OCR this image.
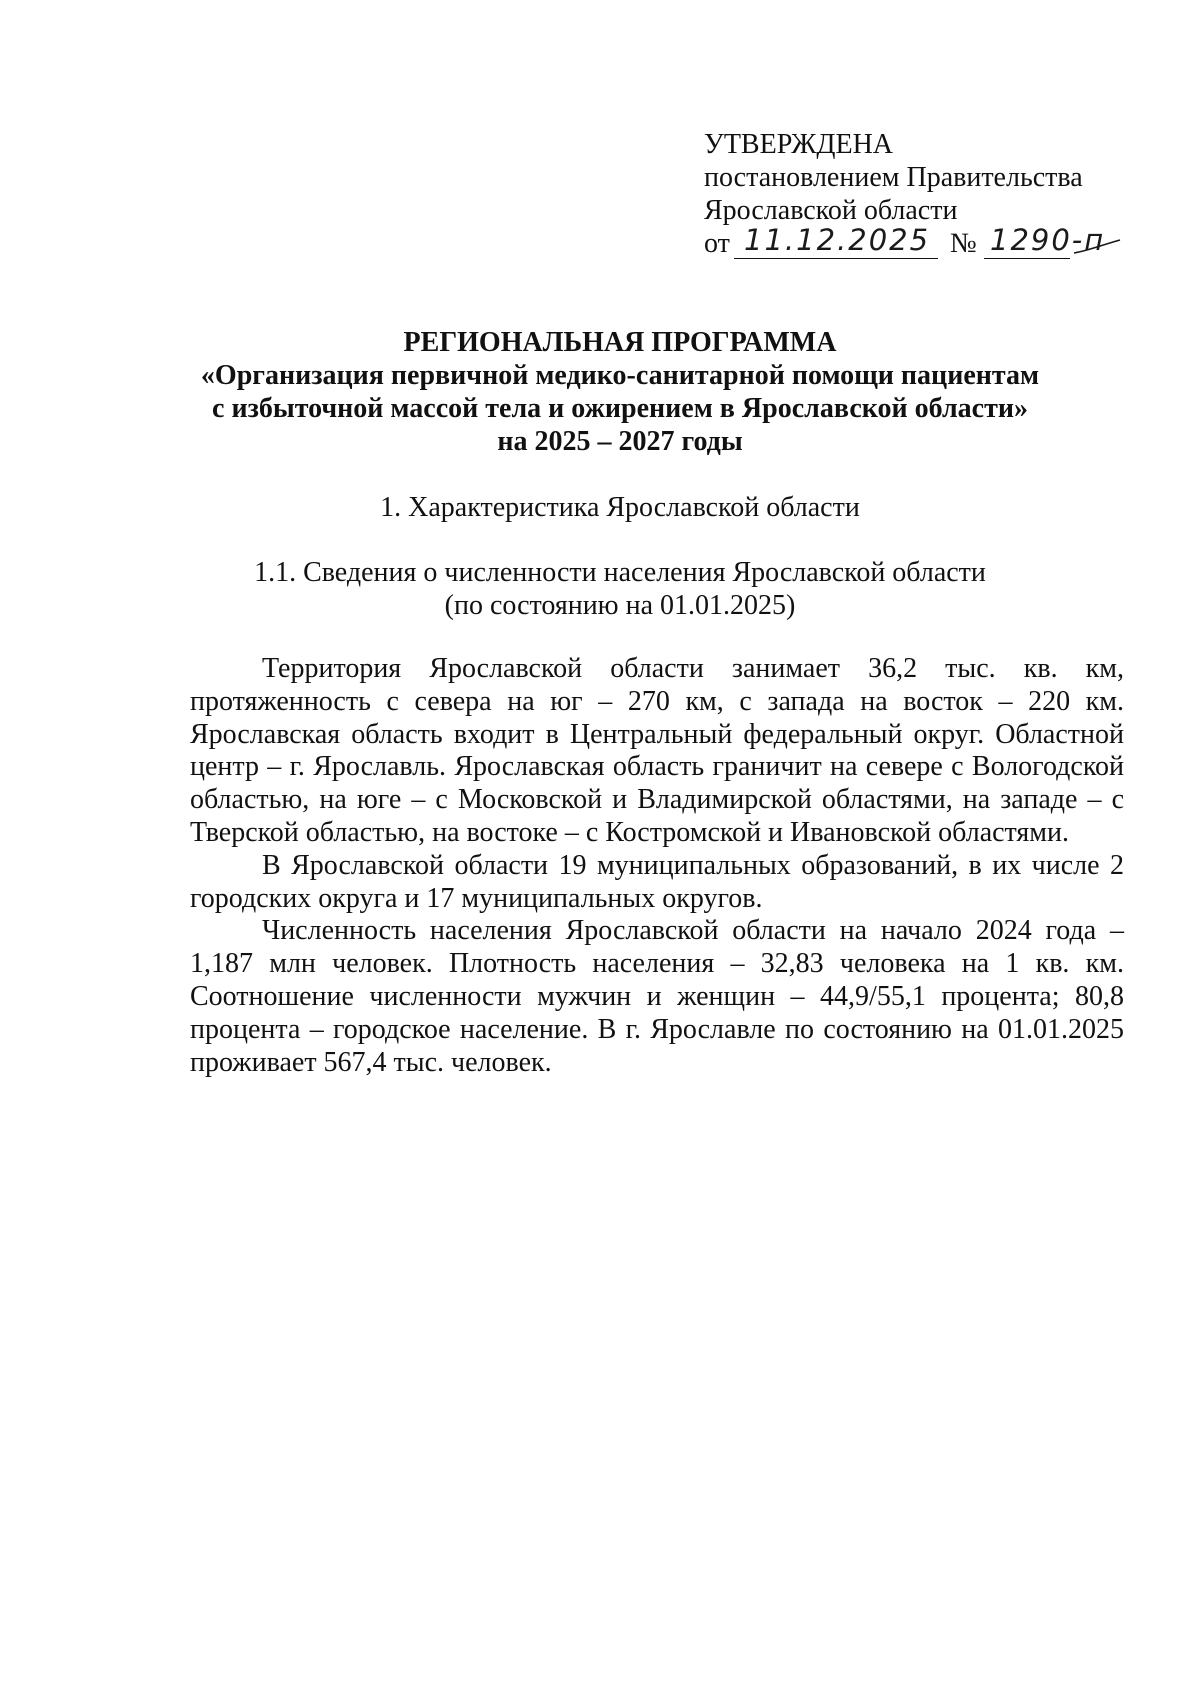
УТВЕРЖДЕНА
постановлением Правительства
Ярославской области
от 11.12.2025 № 1290-п
РЕГИОНАЛЬНАЯ ПРОГРАММА
«Организация первичной медико-санитарной помощи пациентам
с избыточной массой тела и ожирением в Ярославской области»
на 2025 – 2027 годы
1. Характеристика Ярославской области
1.1. Сведения о численности населения Ярославской области
(по состоянию на 01.01.2025)

Территория Ярославской области занимает 36,2 тыс. кв. км, протяженность с севера на юг – 270 км, с запада на восток – 220 км. Ярославская область входит в Центральный федеральный округ. Областной центр – г. Ярославль. Ярославская область граничит на севере с Вологодской областью, на юге – с Московской и Владимирской областями, на западе – с Тверской областью, на востоке – с Костромской и Ивановской областями.

В Ярославской области 19 муниципальных образований, в их числе 2 городских округа и 17 муниципальных округов.

Численность населения Ярославской области на начало 2024 года – 1,187 млн человек. Плотность населения – 32,83 человека на 1 кв. км. Соотношение численности мужчин и женщин – 44,9/55,1 процента; 80,8 процента – городское население. В г. Ярославле по состоянию на 01.01.2025 проживает 567,4 тыс. человек.
